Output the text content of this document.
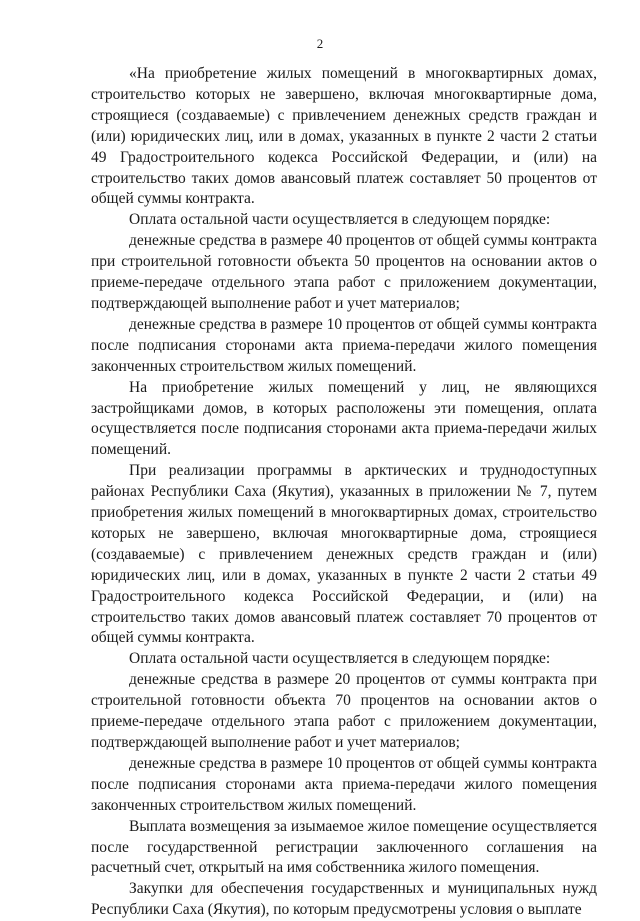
2

«На приобретение жилых помещений в многоквартирных домах, строительство которых не завершено, включая многоквартирные дома, строящиеся (создаваемые) с привлечением денежных средств граждан и (или) юридических лиц, или в домах, указанных в пункте 2 части 2 статьи 49 Градостроительного кодекса Российской Федерации, и (или) на строительство таких домов авансовый платеж составляет 50 процентов от общей суммы контракта.

Оплата остальной части осуществляется в следующем порядке:

денежные средства в размере 40 процентов от общей суммы контракта при строительной готовности объекта 50 процентов на основании актов о приеме-передаче отдельного этапа работ с приложением документации, подтверждающей выполнение работ и учет материалов;

денежные средства в размере 10 процентов от общей суммы контракта после подписания сторонами акта приема-передачи жилого помещения законченных строительством жилых помещений.

На приобретение жилых помещений у лиц, не являющихся застройщиками домов, в которых расположены эти помещения, оплата осуществляется после подписания сторонами акта приема-передачи жилых помещений.

При реализации программы в арктических и труднодоступных районах Республики Саха (Якутия), указанных в приложении № 7, путем приобретения жилых помещений в многоквартирных домах, строительство которых не завершено, включая многоквартирные дома, строящиеся (создаваемые) с привлечением денежных средств граждан и (или) юридических лиц, или в домах, указанных в пункте 2 части 2 статьи 49 Градостроительного кодекса Российской Федерации, и (или) на строительство таких домов авансовый платеж составляет 70 процентов от общей суммы контракта.

Оплата остальной части осуществляется в следующем порядке:

денежные средства в размере 20 процентов от суммы контракта при строительной готовности объекта 70 процентов на основании актов о приеме-передаче отдельного этапа работ с приложением документации, подтверждающей выполнение работ и учет материалов;

денежные средства в размере 10 процентов от общей суммы контракта после подписания сторонами акта приема-передачи жилого помещения законченных строительством жилых помещений.

Выплата возмещения за изымаемое жилое помещение осуществляется после государственной регистрации заключенного соглашения на расчетный счет, открытый на имя собственника жилого помещения.

Закупки для обеспечения государственных и муниципальных нужд Республики Саха (Якутия), по которым предусмотрены условия о выплате
